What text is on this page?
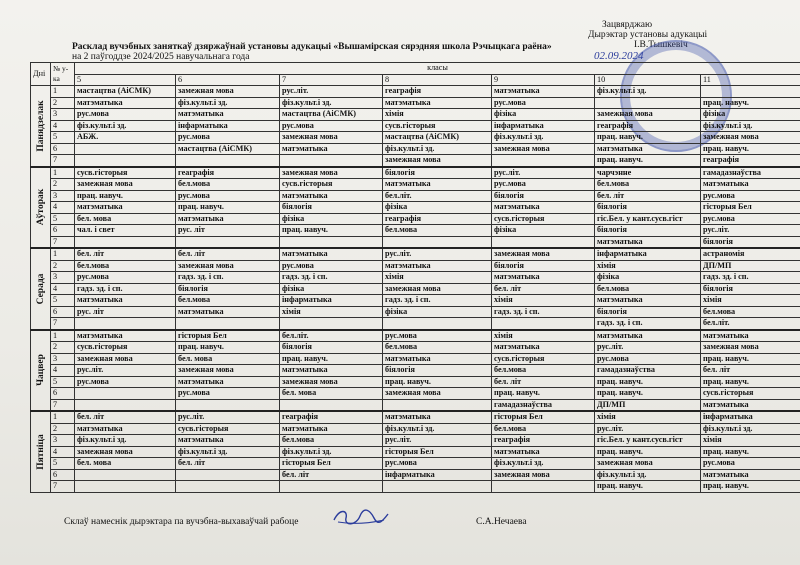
Зацвярджаю
Дырэктар установы адукацыі
І.В.Тышкевіч
02.09.2024
Расклад вучэбных заняткаў дзяржаўнай установы адукацыі «Вышамірская сярэдняя школа Рэчыцкага раёна»
на 2 паўгоддзе 2024/2025 навучальнага года
Дні	№ у-ка	класы						
		5	6	7	8	9	10	11

Панядзелак	1	мастацтва (АіСМК)	замежная мова	рус.літ.	геаграфія	матэматыка	фіз.культ.і зд.	
	2	матэматыка	фіз.культ.і зд.	фіз.культ.і зд.	матэматыка	рус.мова		прац. навуч.
	3	рус.мова	матэматыка	мастацтва (АіСМК)	хімія	фізіка	замежная мова	фізіка
	4	фіз.культ.і зд.	інфарматыка	рус.мова	сусв.гісторыя	інфарматыка	геаграфія	фіз.культ.і зд.
	5	АБЖ.	рус.мова	замежная мова	мастацтва (АіСМК)	фіз.культ.і зд.	прац. навуч.	замежная мова
	6		мастацтва (АіСМК)	матэматыка	фіз.культ.і зд.	замежная мова	матэматыка	прац. навуч.
	7				замежная мова		прац. навуч.	геаграфія

Аўторак	1	сусв.гісторыя	геаграфія	замежная мова	біялогія	рус.літ.	чарчэнне	гамадазнаўства
	2	замежная мова	бел.мова	сусв.гісторыя	матэматыка	рус.мова	бел.мова	матэматыка
	3	прац. навуч.	рус.мова	матэматыка	бел.літ.	біялогія	бел. літ	рус.мова
	4	матэматыка	прац. навуч.	біялогія	фізіка	матэматыка	біялогія	гісторыя Бел
	5	бел. мова	матэматыка	фізіка	геаграфія	сусв.гісторыя	гіс.Бел. у кант.сусв.гіст	рус.мова
	6	чал. і свет	рус. літ	прац. навуч.	бел.мова	фізіка	біялогія	рус.літ.
	7						матэматыка	біялогія

Серада	1	бел. літ	бел. літ	матэматыка	рус.літ.	замежная мова	інфарматыка	астраномія
	2	бел.мова	замежная мова	рус.мова	матэматыка	біялогія	хімія	ДП/МП
	3	рус.мова	гадз. зд. і сп.	гадз. зд. і сп.	хімія	матэматыка	фізіка	гадз. зд. і сп.
	4	гадз. зд. і сп.	біялогія	фізіка	замежная мова	бел. літ	бел.мова	біялогія
	5	матэматыка	бел.мова	інфарматыка	гадз. зд. і сп.	хімія	матэматыка	хімія
	6	рус. літ	матэматыка	хімія	фізіка	гадз. зд. і сп.	біялогія	бел.мова
	7						гадз. зд. і сп.	бел.літ.

Чацвер	1	матэматыка	гісторыя Бел	бел.літ.	рус.мова	хімія	матэматыка	матэматыка
	2	сусв.гісторыя	прац. навуч.	біялогія	бел.мова	матэматыка	рус.літ.	замежная мова
	3	замежная мова	бел. мова	прац. навуч.	матэматыка	сусв.гісторыя	рус.мова	прац. навуч.
	4	рус.літ.	замежная мова	матэматыка	біялогія	бел.мова	гамадазнаўства	бел. літ
	5	рус.мова	матэматыка	замежная мова	прац. навуч.	бел. літ	прац. навуч.	прац. навуч.
	6		рус.мова	бел. мова	замежная мова	прац. навуч.	прац. навуч.	сусв.гісторыя
	7					гамадазнаўства	ДП/МП	матэматыка

Пятніца	1	бел. літ	рус.літ.	геаграфія	матэматыка	гісторыя Бел	хімія	інфарматыка
	2	матэматыка	сусв.гісторыя	матэматыка	фіз.культ.і зд.	бел.мова	рус.літ.	фіз.культ.і зд.
	3	фіз.культ.і зд.	матэматыка	бел.мова	рус.літ.	геаграфія	гіс.Бел. у кант.сусв.гіст	хімія
	4	замежная мова	фіз.культ.і зд.	фіз.культ.і зд.	гісторыя Бел	матэматыка	прац. навуч.	прац. навуч.
	5	бел. мова	бел. літ	гісторыя Бел	рус.мова	фіз.культ.і зд.	замежная мова	рус.мова
	6			бел. літ	інфарматыка	замежная мова	фіз.культ.і зд.	матэматыка
	7						прац. навуч.	прац. навуч.
Склаў намеснік дырэктара па вучэбна-выхаваўчай рабоце	С.А.Нечаева
